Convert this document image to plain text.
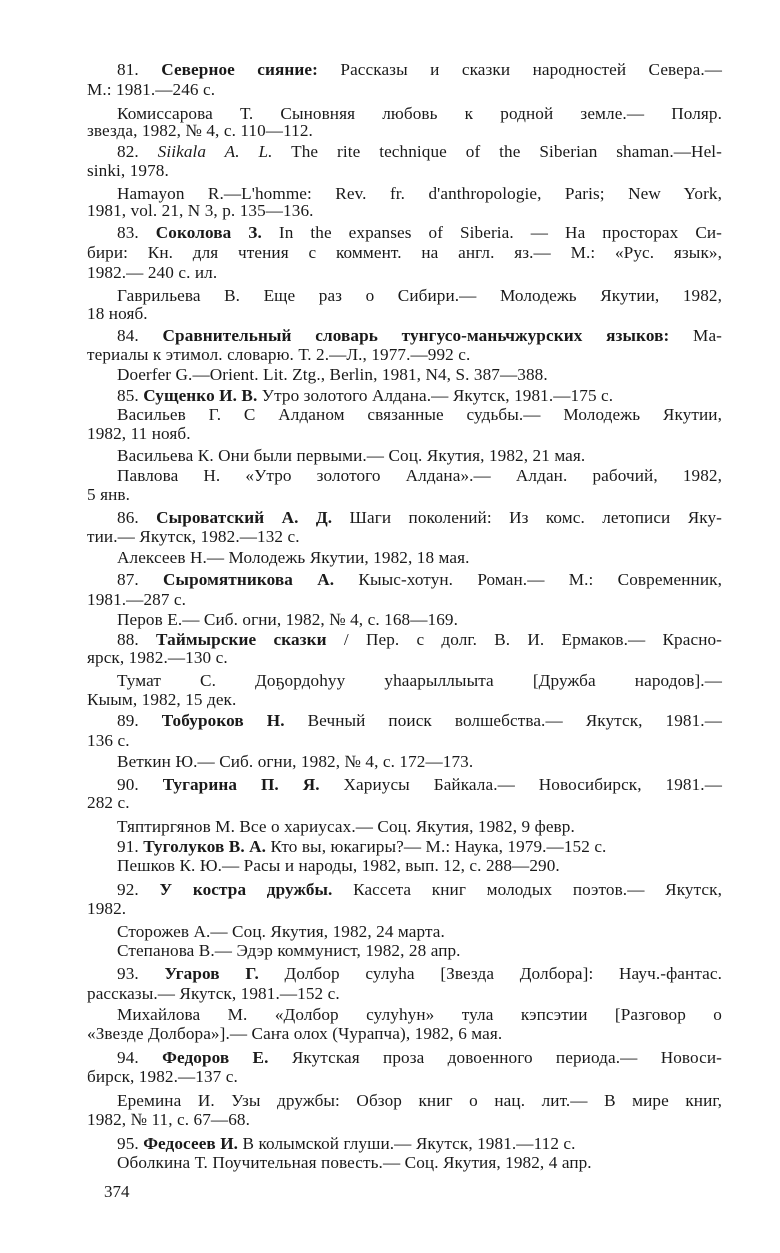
81. Северное сияние: Рассказы и сказки народностей Севера.—
М.: 1981.—246 с.
Комиссарова Т. Сыновняя любовь к родной земле.— Поляр.
звезда, 1982, № 4, с. 110—112.
82. Siikala A. L. The rite technique of the Siberian shaman.—Hel-
sinki, 1978.
Hamayon R.—L'homme: Rev. fr. d'anthropologie, Paris; New York,
1981, vol. 21, N 3, p. 135—136.
83. Соколова З. In the expanses of Siberia. — На просторах Си-
бири: Кн. для чтения с коммент. на англ. яз.— М.: «Рус. язык»,
1982.— 240 с. ил.
Гаврильева В. Еще раз о Сибири.— Молодежь Якутии, 1982,
18 нояб.
84. Сравнительный словарь тунгусо-маньчжурских языков: Ма-
териалы к этимол. словарю. Т. 2.—Л., 1977.—992 с.
Doerfer G.—Orient. Lit. Ztg., Berlin, 1981, N4, S. 387—388.
85. Сущенко И. В. Утро золотого Алдана.— Якутск, 1981.—175 с.
Васильев Г. С Алданом связанные судьбы.— Молодежь Якутии,
1982, 11 нояб.
Васильева К. Они были первыми.— Соц. Якутия, 1982, 21 мая.
Павлова Н. «Утро золотого Алдана».— Алдан. рабочий, 1982,
5 янв.
86. Сыроватский А. Д. Шаги поколений: Из комс. летописи Яку-
тии.— Якутск, 1982.—132 с.
Алексеев Н.— Молодежь Якутии, 1982, 18 мая.
87. Сыромятникова А. Кыыс-хотун. Роман.— М.: Современник,
1981.—287 с.
Перов Е.— Сиб. огни, 1982, № 4, с. 168—169.
88. Таймырские сказки / Пер. с долг. В. И. Ермаков.— Красно-
ярск, 1982.—130 с.
Тумат С. Доҕордоһуу уһаарыллыыта [Дружба народов].—
Кыым, 1982, 15 дек.
89. Тобуроков Н. Вечный поиск волшебства.— Якутск, 1981.—
136 с.
Веткин Ю.— Сиб. огни, 1982, № 4, с. 172—173.
90. Тугарина П. Я. Хариусы Байкала.— Новосибирск, 1981.—
282 с.
Тяптиргянов М. Все о хариусах.— Соц. Якутия, 1982, 9 февр.
91. Туголуков В. А. Кто вы, юкагиры?— М.: Наука, 1979.—152 с.
Пешков К. Ю.— Расы и народы, 1982, вып. 12, с. 288—290.
92. У костра дружбы. Кассета книг молодых поэтов.— Якутск,
1982.
Сторожев А.— Соц. Якутия, 1982, 24 марта.
Степанова В.— Эдэр коммунист, 1982, 28 апр.
93. Угаров Г. Долбор сулуһа [Звезда Долбора]: Науч.-фантас.
рассказы.— Якутск, 1981.—152 с.
Михайлова М. «Долбор сулуһун» тула кэпсэтии [Разговор о
«Звезде Долбора»].— Саҥа олох (Чурапча), 1982, 6 мая.
94. Федоров Е. Якутская проза довоенного периода.— Новоси-
бирск, 1982.—137 с.
Еремина И. Узы дружбы: Обзор книг о нац. лит.— В мире книг,
1982, № 11, с. 67—68.
95. Федосеев И. В колымской глуши.— Якутск, 1981.—112 с.
Оболкина Т. Поучительная повесть.— Соц. Якутия, 1982, 4 апр.
374
